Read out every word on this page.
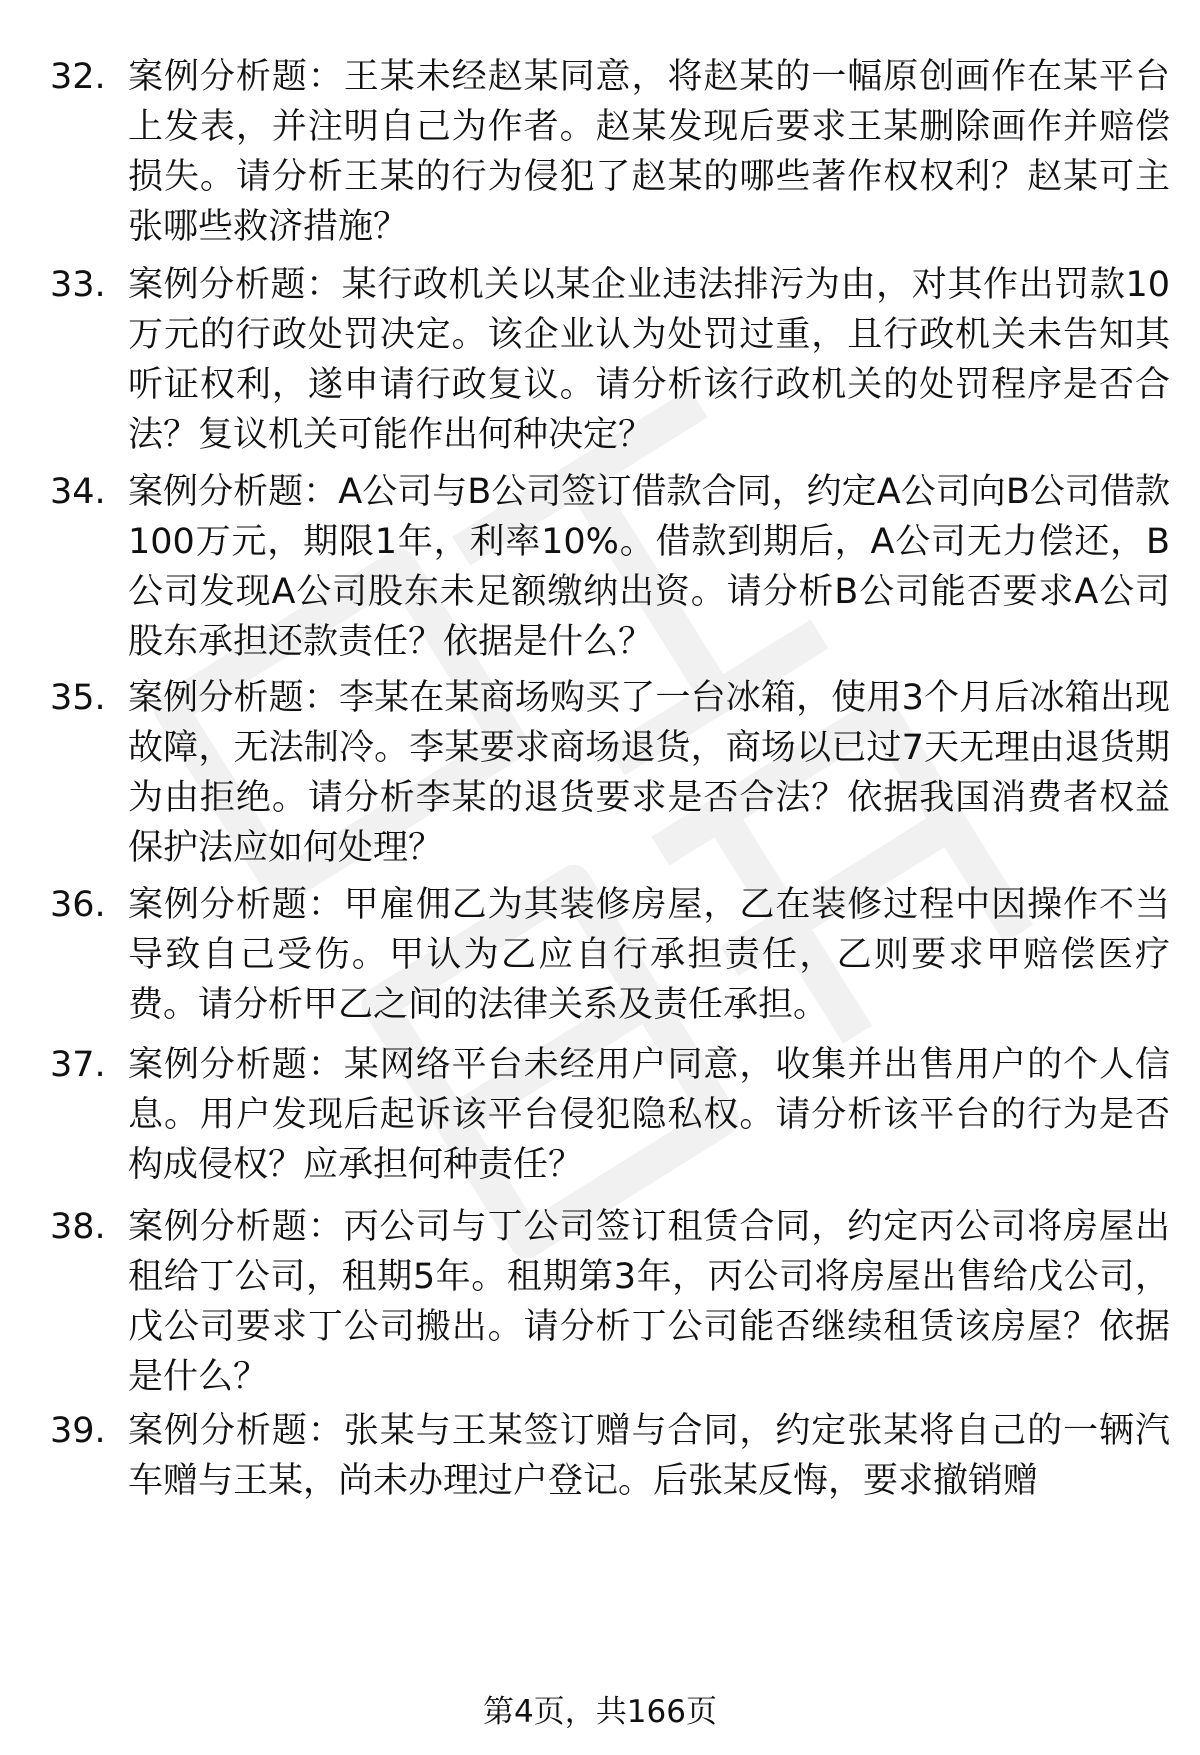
32. 案例分析题：王某未经赵某同意，将赵某的一幅原创画作在某平台上发表，并注明自己为作者。赵某发现后要求王某删除画作并赔偿损失。请分析王某的行为侵犯了赵某的哪些著作权权利？赵某可主张哪些救济措施？
33. 案例分析题：某行政机关以某企业违法排污为由，对其作出罚款10万元的行政处罚决定。该企业认为处罚过重，且行政机关未告知其听证权利，遂申请行政复议。请分析该行政机关的处罚程序是否合法？复议机关可能作出何种决定？
34. 案例分析题：A公司与B公司签订借款合同，约定A公司向B公司借款100万元，期限1年，利率10%。借款到期后，A公司无力偿还，B公司发现A公司股东未足额缴纳出资。请分析B公司能否要求A公司股东承担还款责任？依据是什么？
35. 案例分析题：李某在某商场购买了一台冰箱，使用3个月后冰箱出现故障，无法制冷。李某要求商场退货，商场以已过7天无理由退货期为由拒绝。请分析李某的退货要求是否合法？依据我国消费者权益保护法应如何处理？
36. 案例分析题：甲雇佣乙为其装修房屋，乙在装修过程中因操作不当导致自己受伤。甲认为乙应自行承担责任，乙则要求甲赔偿医疗费。请分析甲乙之间的法律关系及责任承担。
37. 案例分析题：某网络平台未经用户同意，收集并出售用户的个人信息。用户发现后起诉该平台侵犯隐私权。请分析该平台的行为是否构成侵权？应承担何种责任？
38. 案例分析题：丙公司与丁公司签订租赁合同，约定丙公司将房屋出租给丁公司，租期5年。租期第3年，丙公司将房屋出售给戊公司，戊公司要求丁公司搬出。请分析丁公司能否继续租赁该房屋？依据是什么？
39. 案例分析题：张某与王某签订赠与合同，约定张某将自己的一辆汽车赠与王某，尚未办理过户登记。后张某反悔，要求撤销赠
第4页，共166页
